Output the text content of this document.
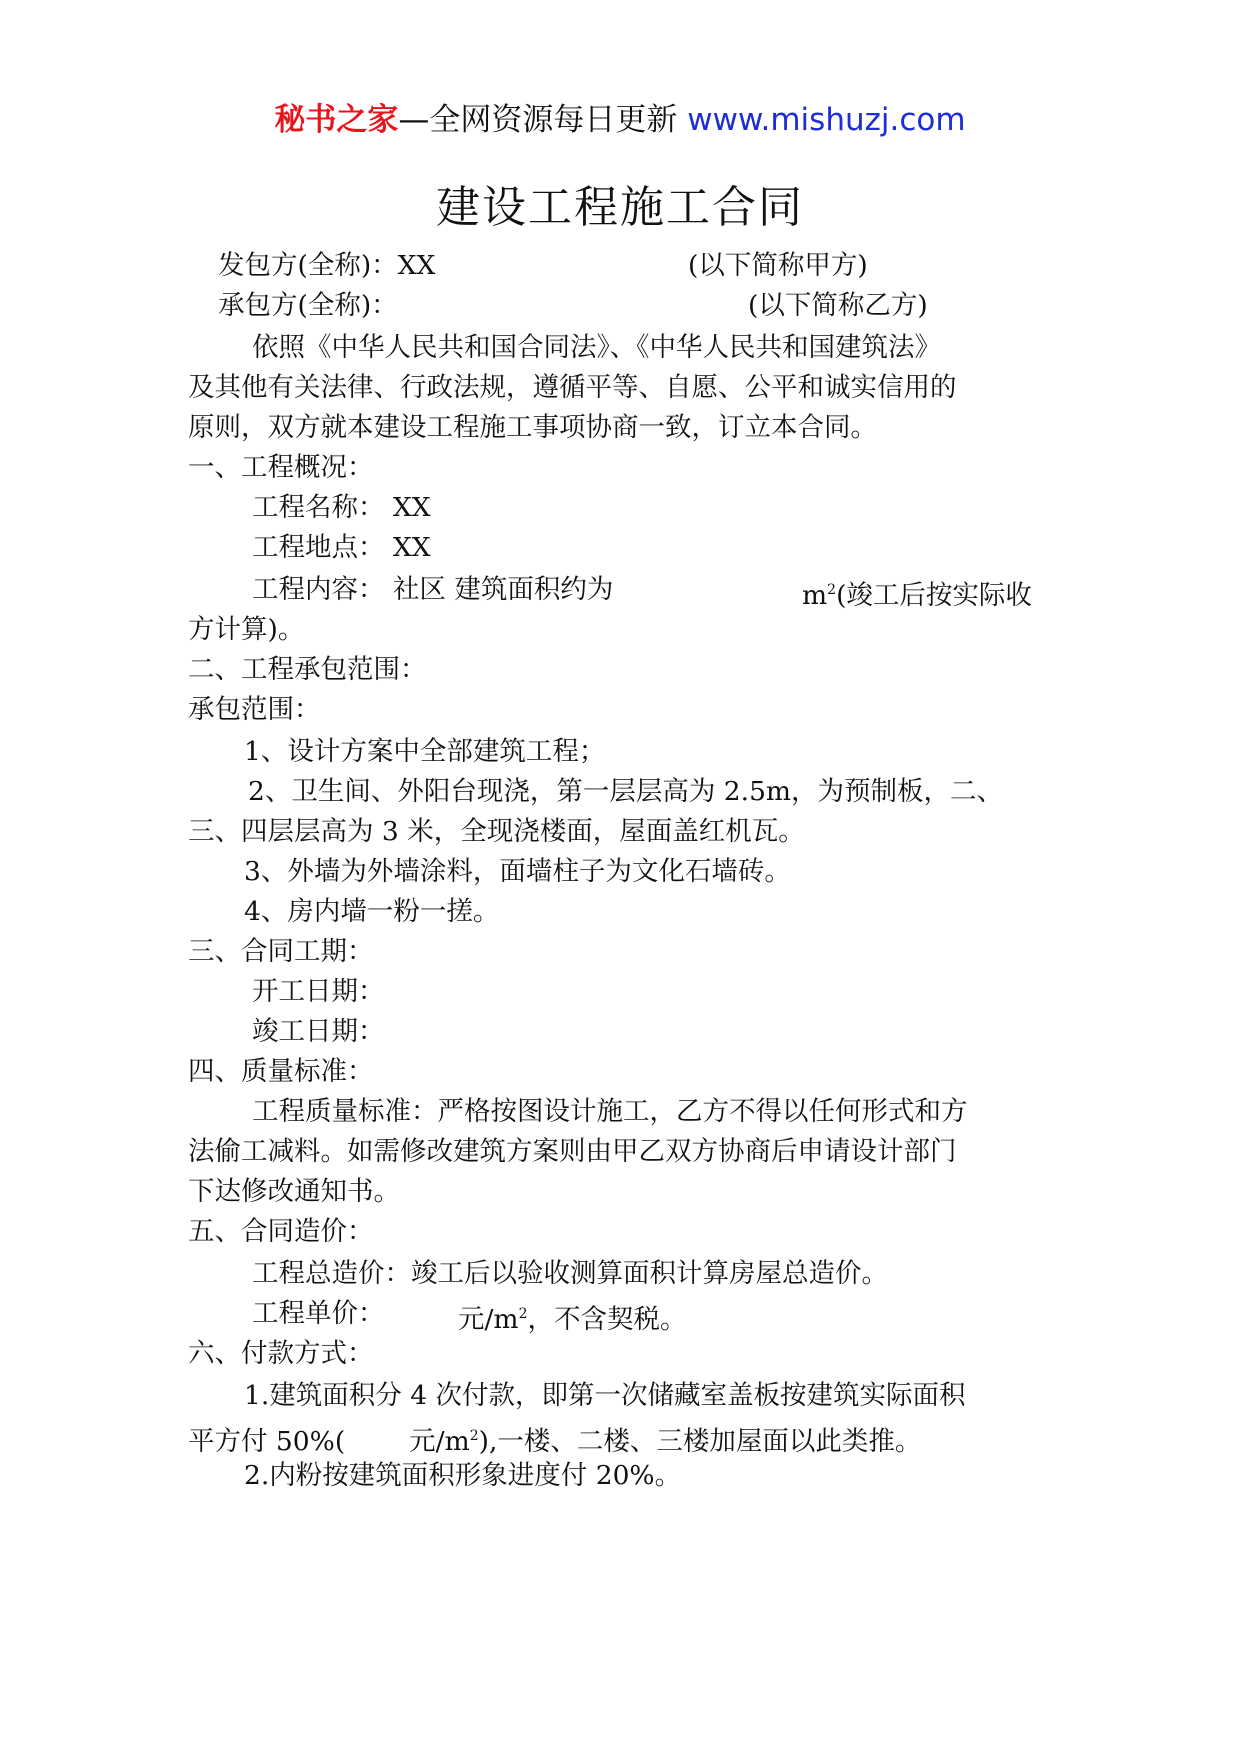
秘书之家—全网资源每日更新 www.mishuzj.com
建设工程施工合同
发包方(全称)：XX	(以下简称甲方)
承包方(全称)：	(以下简称乙方)
依照《中华人民共和国合同法》、《中华人民共和国建筑法》
及其他有关法律、行政法规，遵循平等、自愿、公平和诚实信用的
原则，双方就本建设工程施工事项协商一致，订立本合同。
一、工程概况：
工程名称： XX
工程地点： XX
工程内容： 社区 建筑面积约为	$m^2$(竣工后按实际收
方计算)。
二、工程承包范围：
承包范围：
1、设计方案中全部建筑工程；
2、卫生间、外阳台现浇，第一层层高为 2.5m，为预制板，二、
三、四层层高为 3 米，全现浇楼面，屋面盖红机瓦。
3、外墙为外墙涂料，面墙柱子为文化石墙砖。
4、房内墙一粉一搓。
三、合同工期：
开工日期：
竣工日期：
四、质量标准：
工程质量标准：严格按图设计施工，乙方不得以任何形式和方
法偷工减料。如需修改建筑方案则由甲乙双方协商后申请设计部门
下达修改通知书。
五、合同造价：
工程总造价：竣工后以验收测算面积计算房屋总造价。
工程单价：	元$/m^2$，不含契税。
六、付款方式：
1.建筑面积分 4 次付款，即第一次储藏室盖板按建筑实际面积
平方付 50%( 元$/m^2$),一楼、二楼、三楼加屋面以此类推。
2.内粉按建筑面积形象进度付 20%。
